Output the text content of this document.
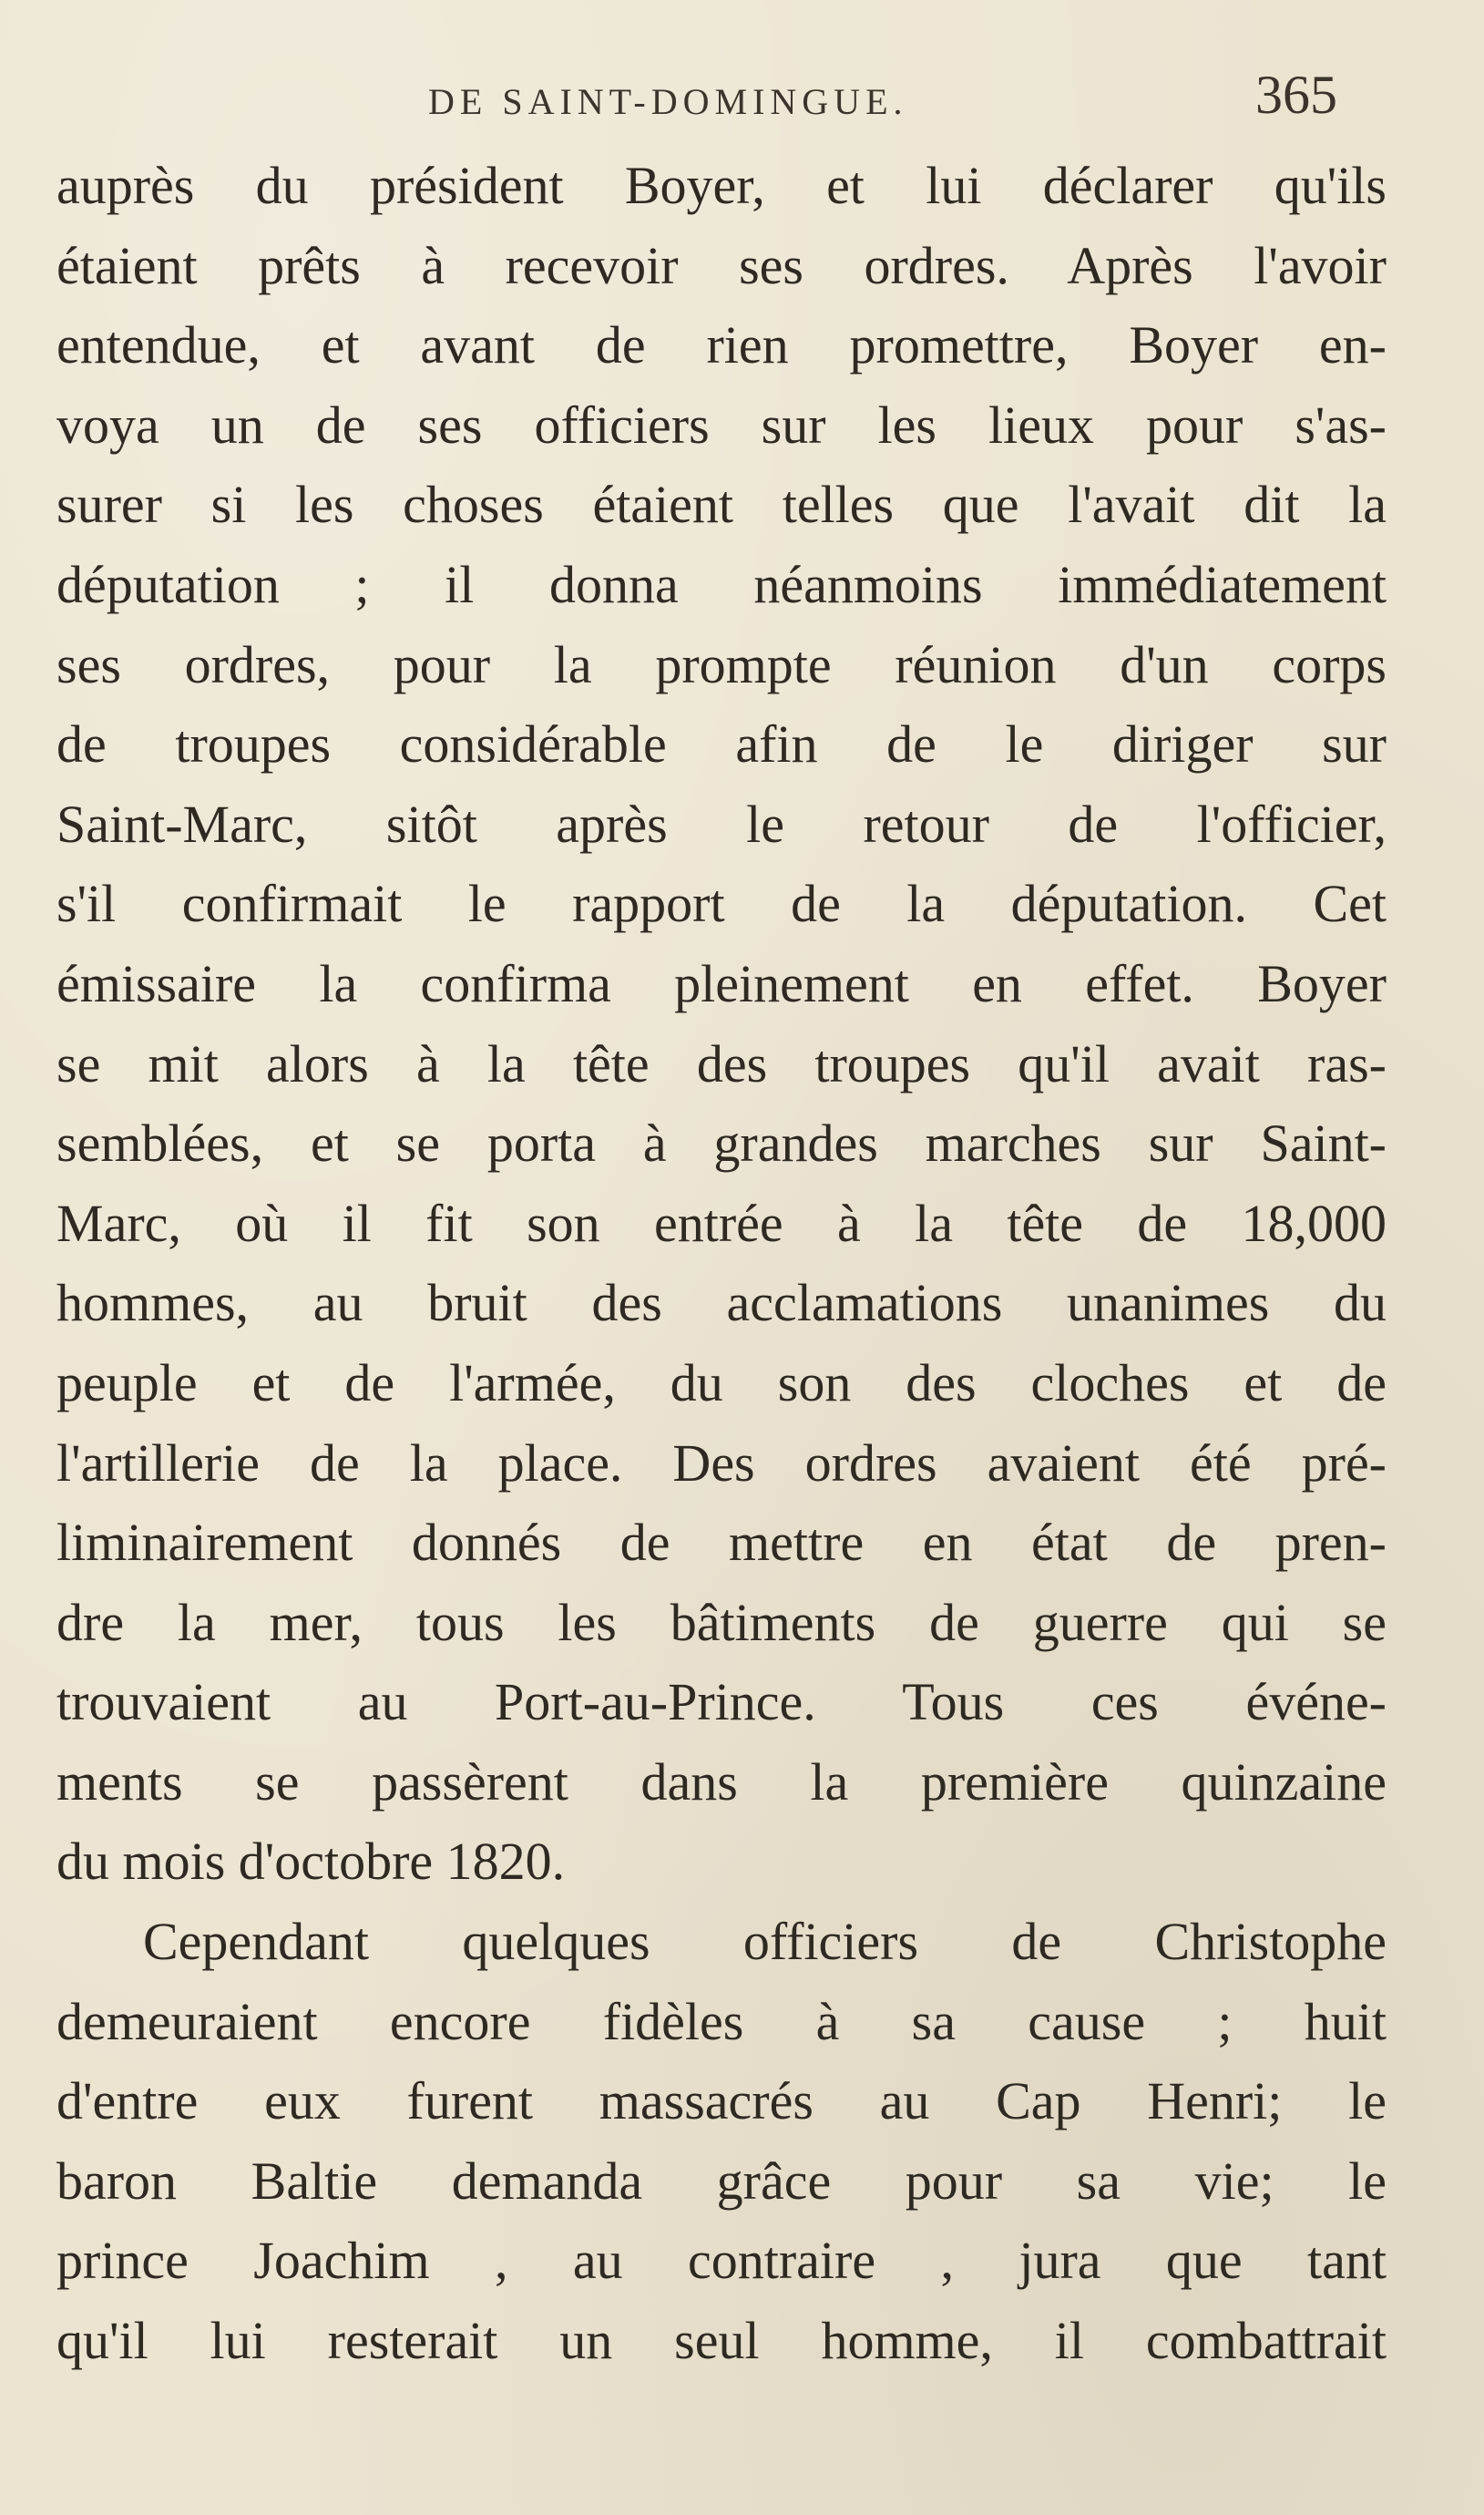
DE SAINT-DOMINGUE.	365
auprès du président Boyer, et lui déclarer qu'ils
étaient prêts à recevoir ses ordres. Après l'avoir
entendue, et avant de rien promettre, Boyer en-
voya un de ses officiers sur les lieux pour s'as-
surer si les choses étaient telles que l'avait dit la
députation ; il donna néanmoins immédiatement
ses ordres, pour la prompte réunion d'un corps
de troupes considérable afin de le diriger sur
Saint-Marc, sitôt après le retour de l'officier,
s'il confirmait le rapport de la députation. Cet
émissaire la confirma pleinement en effet. Boyer
se mit alors à la tête des troupes qu'il avait ras-
semblées, et se porta à grandes marches sur Saint-
Marc, où il fit son entrée à la tête de 18,000
hommes, au bruit des acclamations unanimes du
peuple et de l'armée, du son des cloches et de
l'artillerie de la place. Des ordres avaient été pré-
liminairement donnés de mettre en état de pren-
dre la mer, tous les bâtiments de guerre qui se
trouvaient au Port-au-Prince. Tous ces événe-
ments se passèrent dans la première quinzaine
du mois d'octobre 1820.
Cependant quelques officiers de Christophe
demeuraient encore fidèles à sa cause ; huit
d'entre eux furent massacrés au Cap Henri; le
baron Baltie demanda grâce pour sa vie; le
prince Joachim , au contraire , jura que tant
qu'il lui resterait un seul homme, il combattrait
